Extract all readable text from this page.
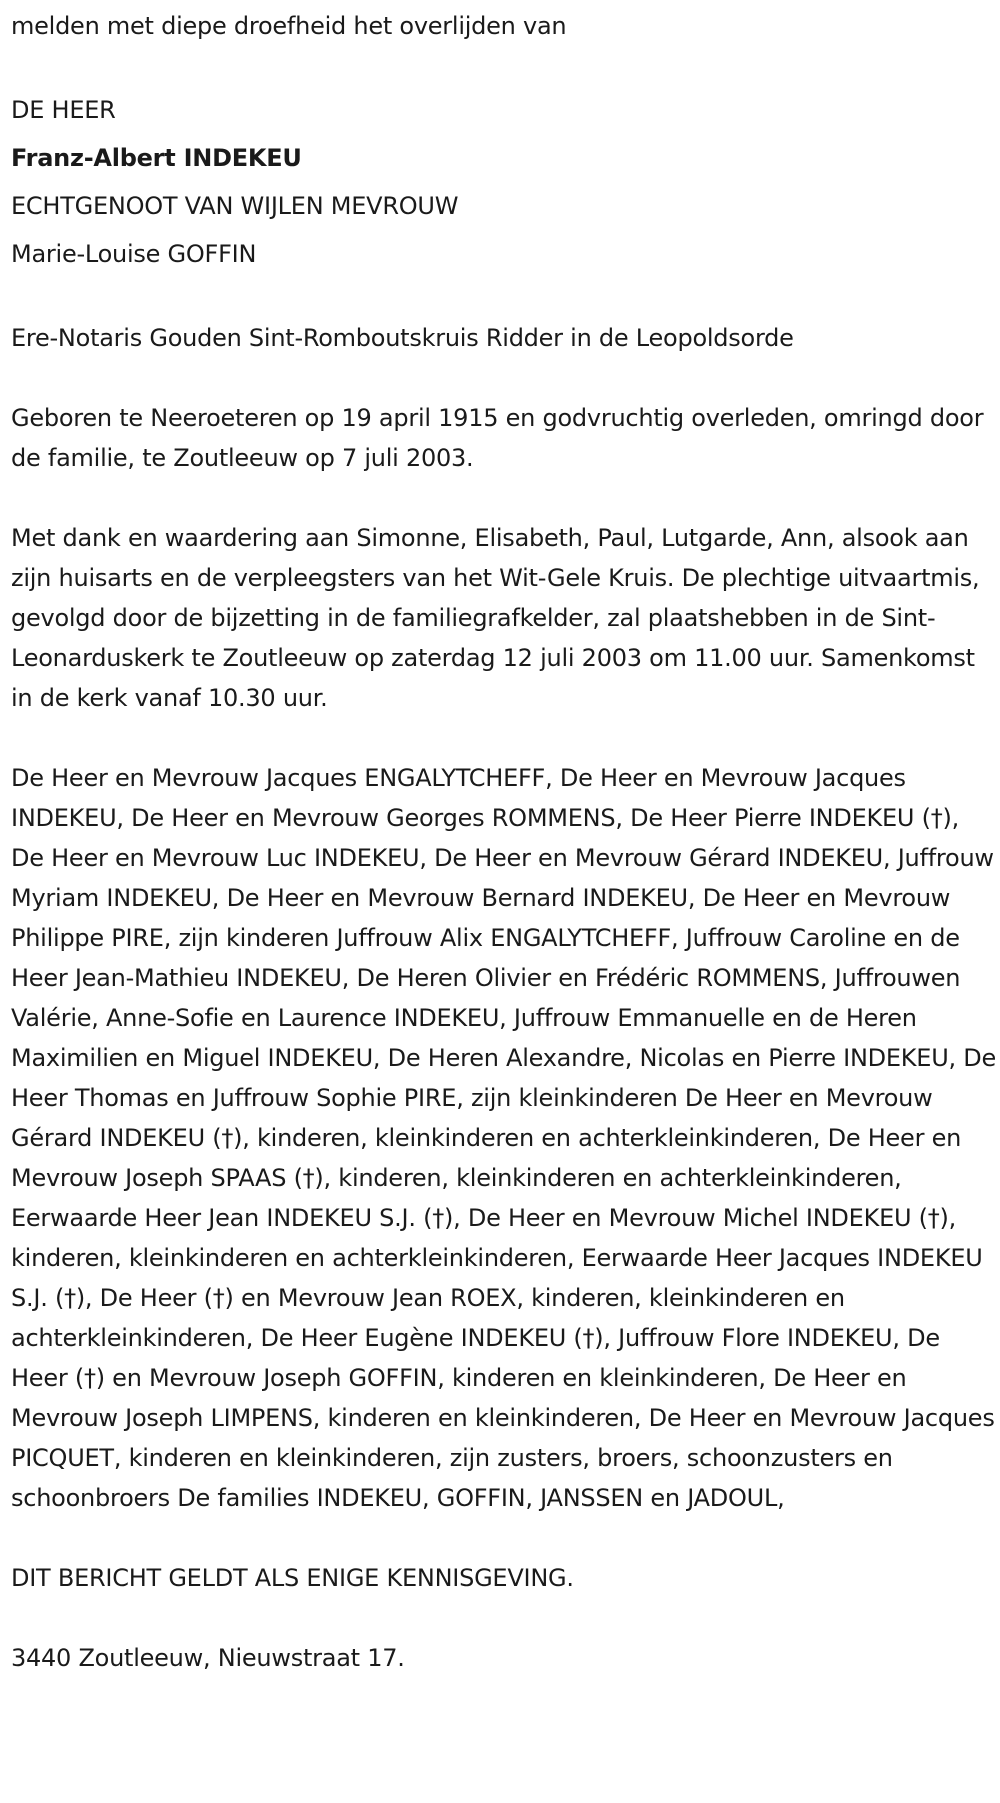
melden met diepe droefheid het overlijden van

DE HEER

Franz-Albert INDEKEU

ECHTGENOOT VAN WIJLEN MEVROUW

Marie-Louise GOFFIN

Ere-Notaris Gouden Sint-Romboutskruis Ridder in de Leopoldsorde

Geboren te Neeroeteren op 19 april 1915 en godvruchtig overleden, omringd door de familie, te Zoutleeuw op 7 juli 2003.

Met dank en waardering aan Simonne, Elisabeth, Paul, Lutgarde, Ann, alsook aan zijn huisarts en de verpleegsters van het Wit-Gele Kruis. De plechtige uitvaartmis, gevolgd door de bijzetting in de familiegrafkelder, zal plaatshebben in de Sint-Leonarduskerk te Zoutleeuw op zaterdag 12 juli 2003 om 11.00 uur. Samenkomst in de kerk vanaf 10.30 uur.

De Heer en Mevrouw Jacques ENGALYTCHEFF, De Heer en Mevrouw Jacques INDEKEU, De Heer en Mevrouw Georges ROMMENS, De Heer Pierre INDEKEU (†), De Heer en Mevrouw Luc INDEKEU, De Heer en Mevrouw Gérard INDEKEU, Juffrouw Myriam INDEKEU, De Heer en Mevrouw Bernard INDEKEU, De Heer en Mevrouw Philippe PIRE, zijn kinderen Juffrouw Alix ENGALYTCHEFF, Juffrouw Caroline en de Heer Jean-Mathieu INDEKEU, De Heren Olivier en Frédéric ROMMENS, Juffrouwen Valérie, Anne-Sofie en Laurence INDEKEU, Juffrouw Emmanuelle en de Heren Maximilien en Miguel INDEKEU, De Heren Alexandre, Nicolas en Pierre INDEKEU, De Heer Thomas en Juffrouw Sophie PIRE, zijn kleinkinderen De Heer en Mevrouw Gérard INDEKEU (†), kinderen, kleinkinderen en achterkleinkinderen, De Heer en Mevrouw Joseph SPAAS (†), kinderen, kleinkinderen en achterkleinkinderen, Eerwaarde Heer Jean INDEKEU S.J. (†), De Heer en Mevrouw Michel INDEKEU (†), kinderen, kleinkinderen en achterkleinkinderen, Eerwaarde Heer Jacques INDEKEU S.J. (†), De Heer (†) en Mevrouw Jean ROEX, kinderen, kleinkinderen en achterkleinkinderen, De Heer Eugène INDEKEU (†), Juffrouw Flore INDEKEU, De Heer (†) en Mevrouw Joseph GOFFIN, kinderen en kleinkinderen, De Heer en Mevrouw Joseph LIMPENS, kinderen en kleinkinderen, De Heer en Mevrouw Jacques PICQUET, kinderen en kleinkinderen, zijn zusters, broers, schoonzusters en schoonbroers De families INDEKEU, GOFFIN, JANSSEN en JADOUL,

DIT BERICHT GELDT ALS ENIGE KENNISGEVING.

3440 Zoutleeuw, Nieuwstraat 17.
